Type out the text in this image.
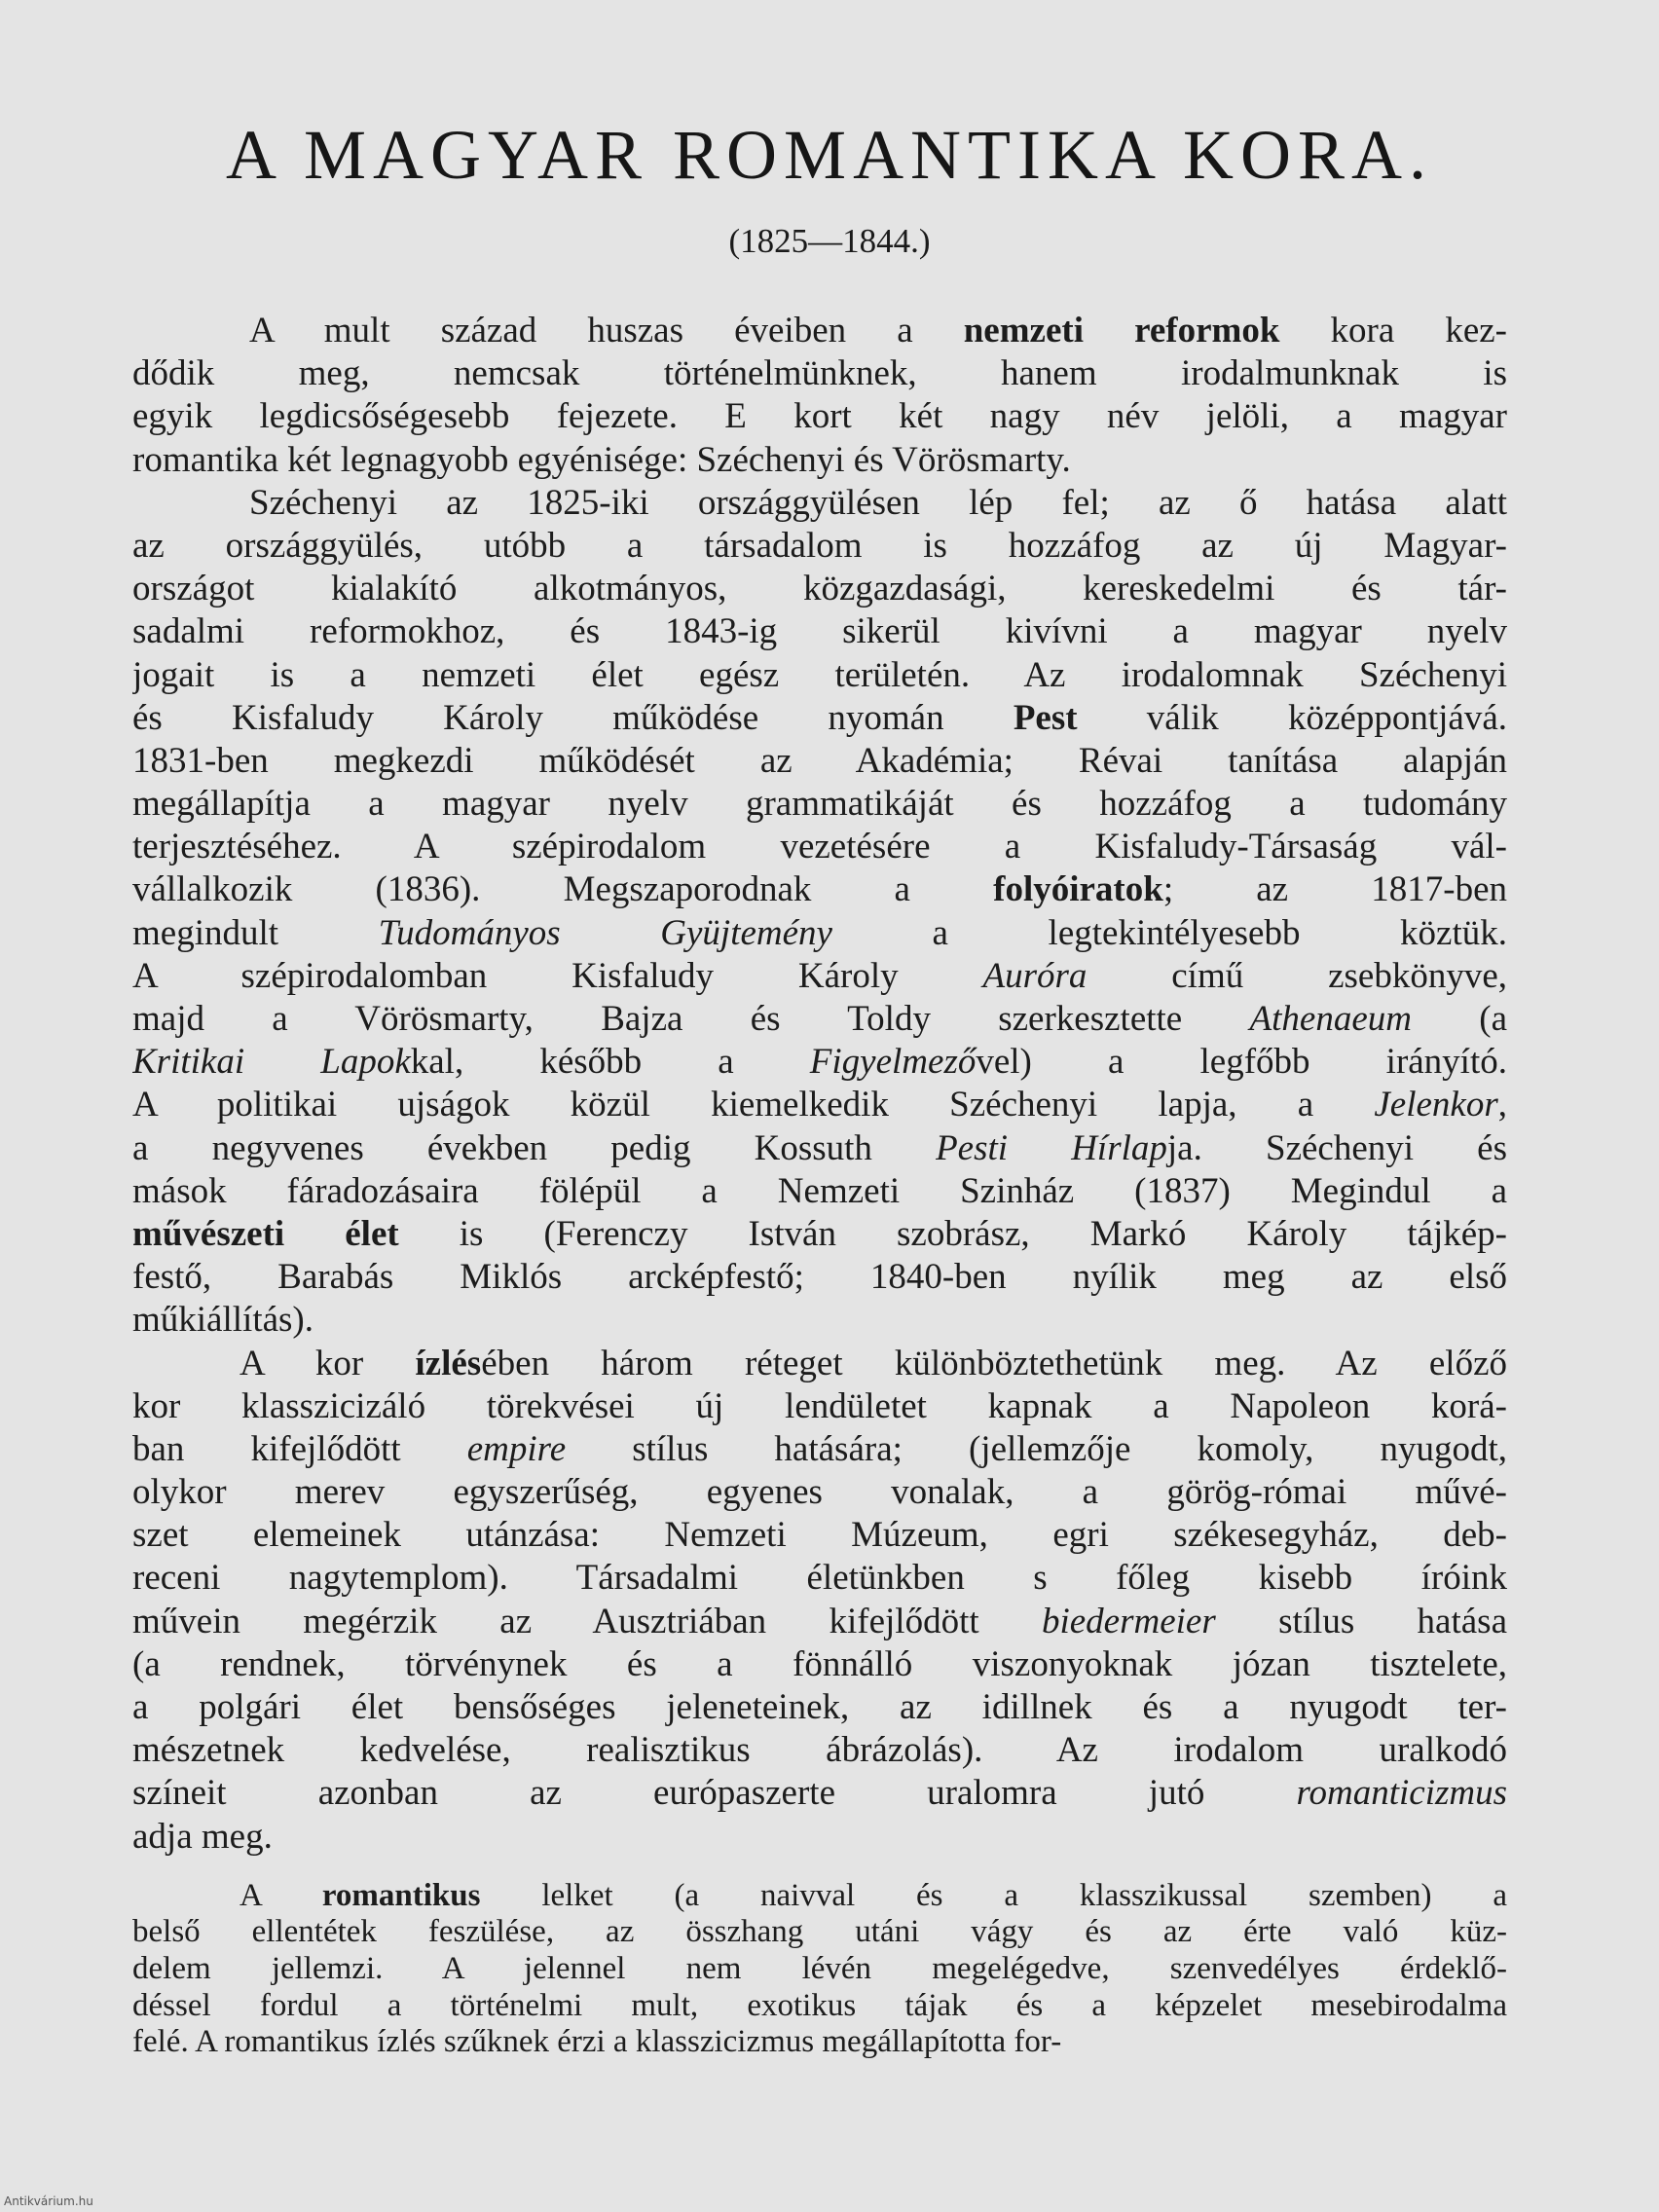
A MAGYAR ROMANTIKA KORA.

(1825—1844.)

A mult század huszas éveiben a nemzeti reformok kora kez-
dődik meg, nemcsak történelmünknek, hanem irodalmunknak is
egyik legdicsőségesebb fejezete. E kort két nagy név jelöli, a magyar
romantika két legnagyobb egyénisége: Széchenyi és Vörösmarty.
Széchenyi az 1825-iki országgyülésen lép fel; az ő hatása alatt
az országgyülés, utóbb a társadalom is hozzáfog az új Magyar-
országot kialakító alkotmányos, közgazdasági, kereskedelmi és tár-
sadalmi reformokhoz, és 1843-ig sikerül kivívni a magyar nyelv
jogait is a nemzeti élet egész területén. Az irodalomnak Széchenyi
és Kisfaludy Károly működése nyomán Pest válik középpontjává.
1831-ben megkezdi működését az Akadémia; Révai tanítása alapján
megállapítja a magyar nyelv grammatikáját és hozzáfog a tudomány
terjesztéséhez. A szépirodalom vezetésére a Kisfaludy-Társaság vál-
vállalkozik (1836). Megszaporodnak a folyóiratok; az 1817-ben
megindult Tudományos Gyüjtemény a legtekintélyesebb köztük.
A szépirodalomban Kisfaludy Károly Auróra című zsebkönyve,
majd a Vörösmarty, Bajza és Toldy szerkesztette Athenaeum (a
Kritikai Lapokkal, később a Figyelmezővel) a legfőbb irányító.
A politikai ujságok közül kiemelkedik Széchenyi lapja, a Jelenkor,
a negyvenes években pedig Kossuth Pesti Hírlapja. Széchenyi és
mások fáradozásaira fölépül a Nemzeti Szinház (1837) Megindul a
művészeti élet is (Ferenczy István szobrász, Markó Károly tájkép-
festő, Barabás Miklós arcképfestő; 1840-ben nyílik meg az első
műkiállítás).
A kor ízlésében három réteget különböztethetünk meg. Az előző
kor klasszicizáló törekvései új lendületet kapnak a Napoleon korá-
ban kifejlődött empire stílus hatására; (jellemzője komoly, nyugodt,
olykor merev egyszerűség, egyenes vonalak, a görög-római művé-
szet elemeinek utánzása: Nemzeti Múzeum, egri székesegyház, deb-
receni nagytemplom). Társadalmi életünkben s főleg kisebb íróink
művein megérzik az Ausztriában kifejlődött biedermeier stílus hatása
(a rendnek, törvénynek és a fönnálló viszonyoknak józan tisztelete,
a polgári élet bensőséges jeleneteinek, az idillnek és a nyugodt ter-
mészetnek kedvelése, realisztikus ábrázolás). Az irodalom uralkodó
színeit azonban az európaszerte uralomra jutó romanticizmus
adja meg.
A romantikus lelket (a naivval és a klasszikussal szemben) a
belső ellentétek feszülése, az összhang utáni vágy és az érte való küz-
delem jellemzi. A jelennel nem lévén megelégedve, szenvedélyes érdeklő-
déssel fordul a történelmi mult, exotikus tájak és a képzelet mesebirodalma
felé. A romantikus ízlés szűknek érzi a klasszicizmus megállapította for-

Antikvárium.hu
